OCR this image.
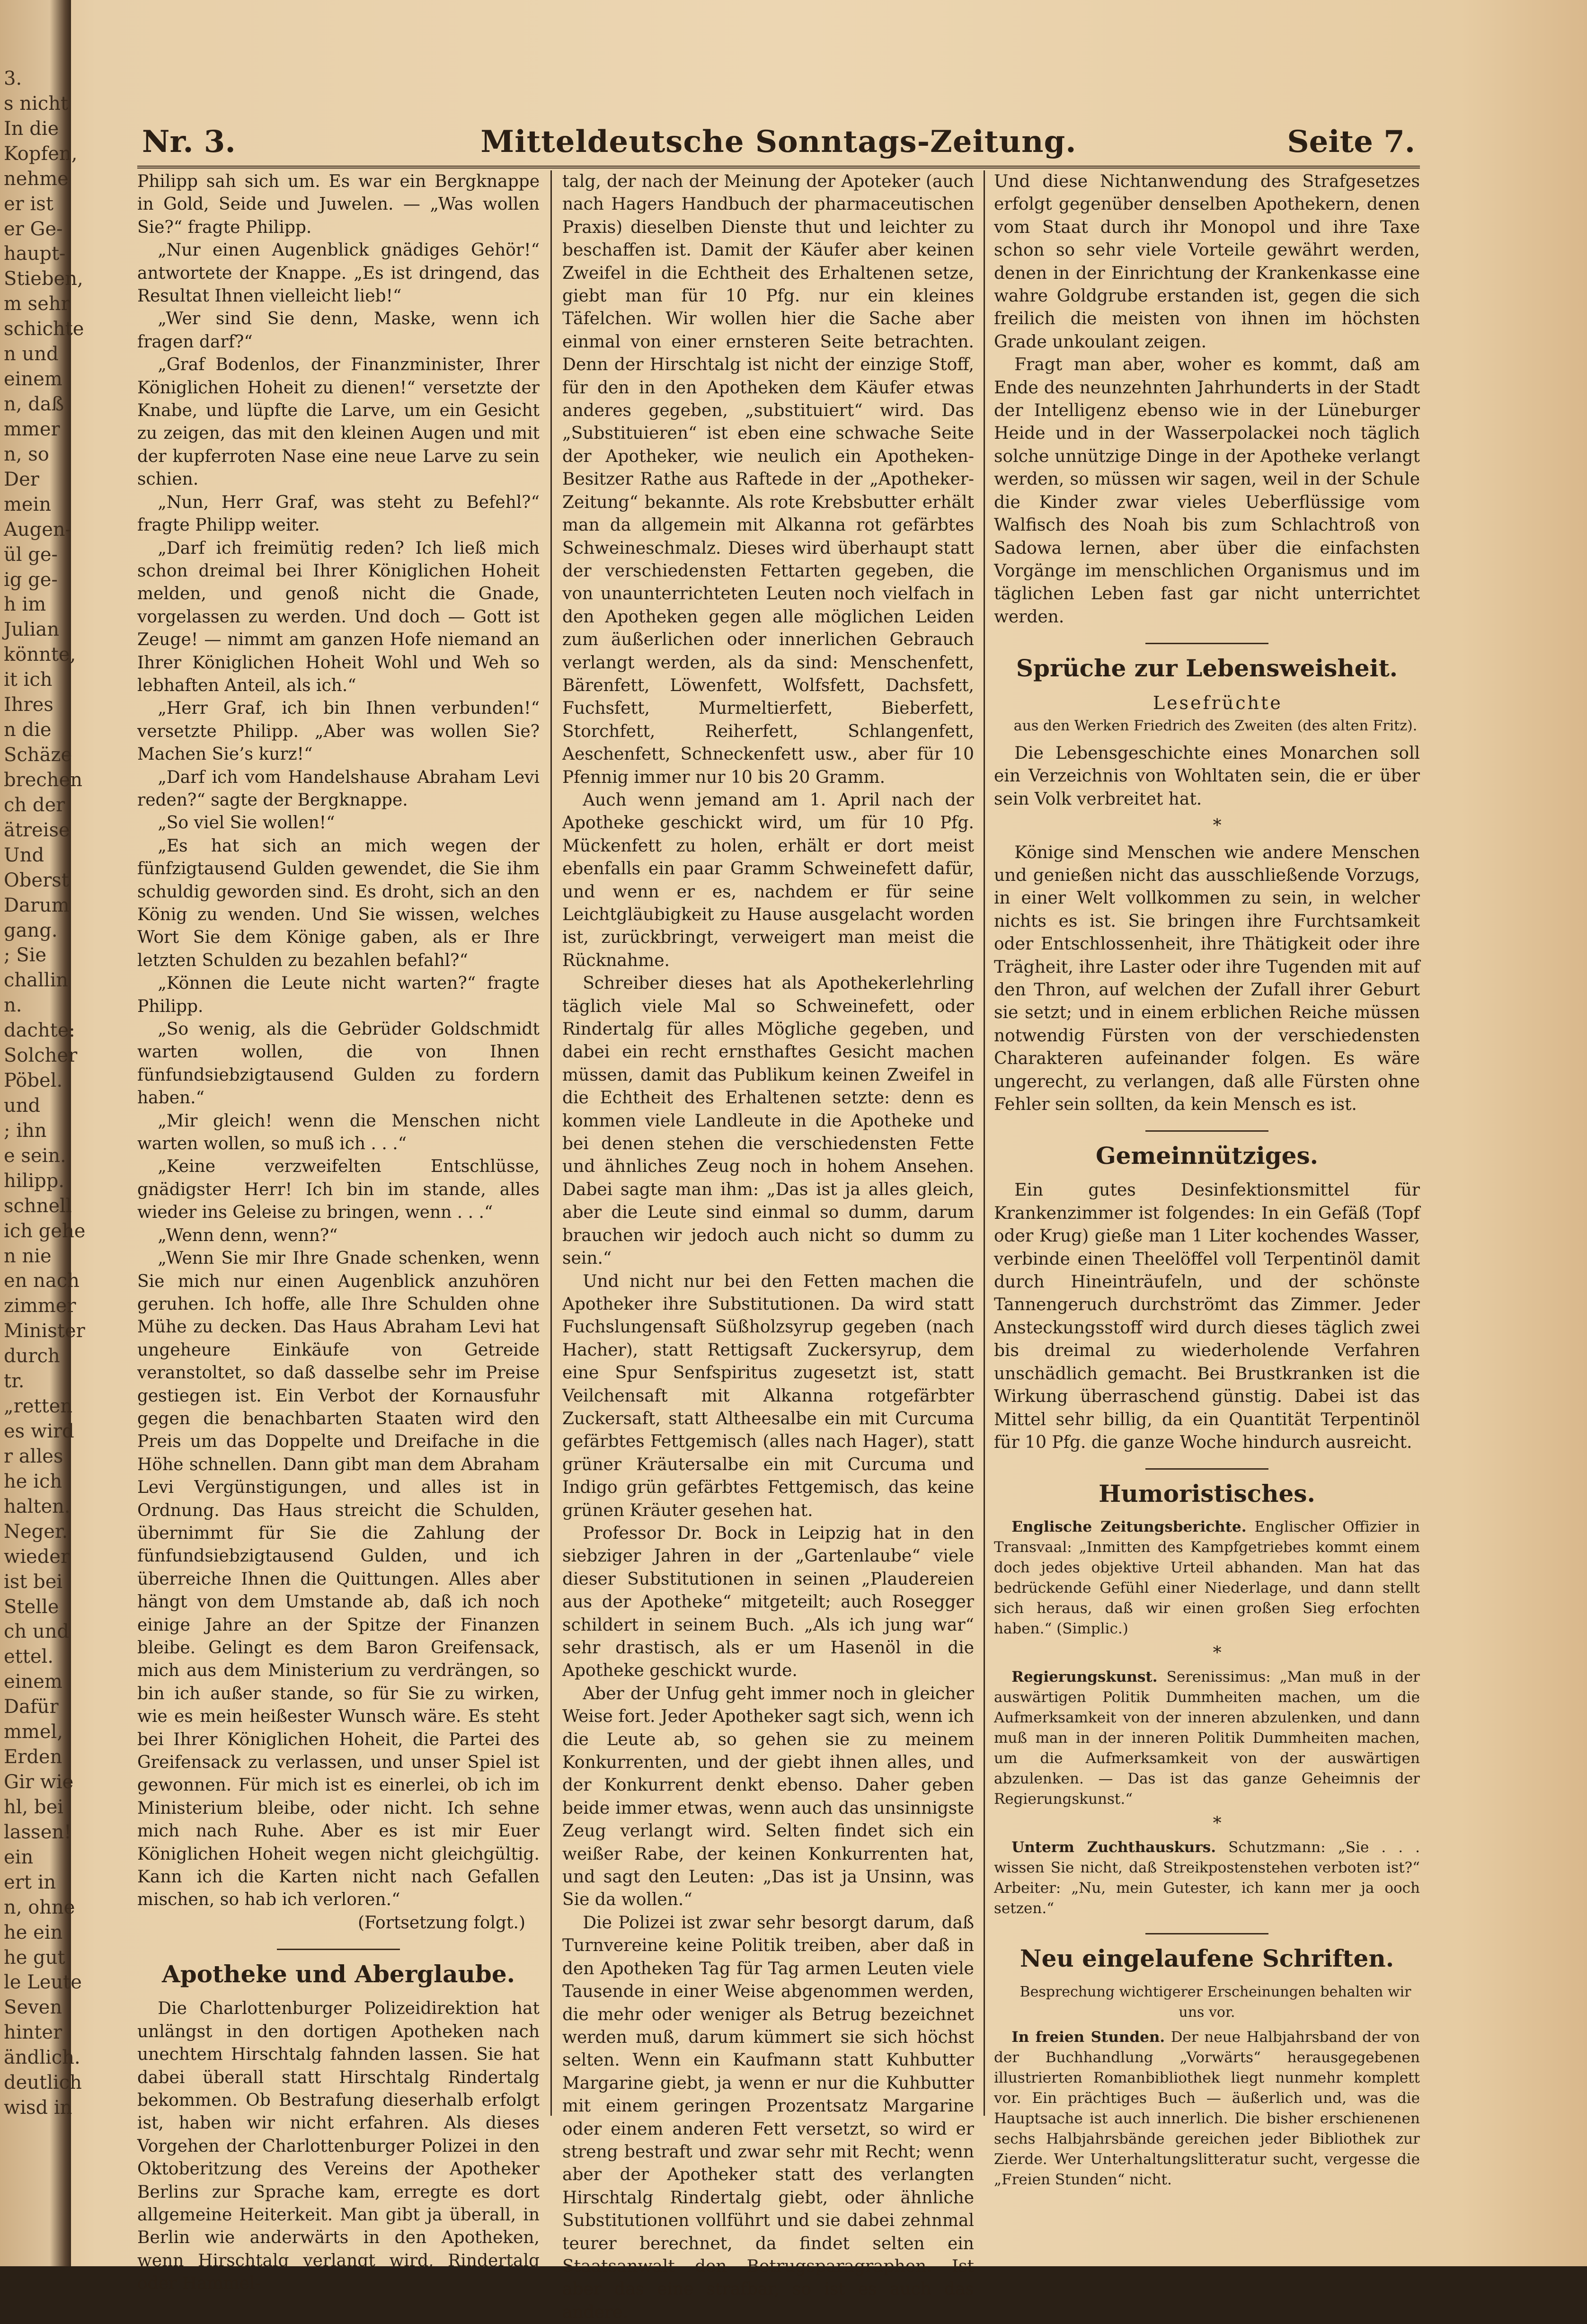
3.
s nicht
In die
Kopfen,
nehme
er ist
er Ge-
haupt-
Stieben,
m sehr
schichte
n und
einem
n, daß
mmer
n, so
Der
mein
Augen-
ül ge-
ig ge-
h im
Julian
könnte,
it ich
Ihres
n die
Schäze
brechen
ch der
ätreise
Und
Oberst
Darum
gang.
; Sie
challin
n.
dachte:
Solcher
Pöbel.
und
; ihn
e sein.
hilipp.
schnell
ich gehe
n nie
en nach
zimmer
Minister
durch
tr.
„retten
es wird
r alles
he ich
halten.
Neger.
wieder
ist bei
Stelle
ch und
ettel.
einem
Dafür
mmel,
Erden
Gir wie
hl, bei
lassen!
ein
ert in
n, ohne
he ein
he gut
le Leute
Seven
hinter
ändlich.
deutlich
wisd in
Mitteldeutsche Sonntags-Zeitung.
Nr. 3.	Seite 7.

Philipp sah sich um. Es war ein Bergknappe in Gold, Seide und Juwelen. — „Was wollen Sie?“ fragte Philipp.

„Nur einen Augenblick gnädiges Gehör!“ antwortete der Knappe. „Es ist dringend, das Resultat Ihnen vielleicht lieb!“

„Wer sind Sie denn, Maske, wenn ich fragen darf?“

„Graf Bodenlos, der Finanzminister, Ihrer Königlichen Hoheit zu dienen!“ versetzte der Knabe, und lüpfte die Larve, um ein Gesicht zu zeigen, das mit den kleinen Augen und mit der kupferroten Nase eine neue Larve zu sein schien.

„Nun, Herr Graf, was steht zu Befehl?“ fragte Philipp weiter.

„Darf ich freimütig reden? Ich ließ mich schon dreimal bei Ihrer Königlichen Hoheit melden, und genoß nicht die Gnade, vorgelassen zu werden. Und doch — Gott ist Zeuge! — nimmt am ganzen Hofe niemand an Ihrer Königlichen Hoheit Wohl und Weh so lebhaften Anteil, als ich.“

„Herr Graf, ich bin Ihnen verbunden!“ versetzte Philipp. „Aber was wollen Sie? Machen Sie’s kurz!“

„Darf ich vom Handelshause Abraham Levi reden?“ sagte der Bergknappe.

„So viel Sie wollen!“

„Es hat sich an mich wegen der fünfzigtausend Gulden gewendet, die Sie ihm schuldig geworden sind. Es droht, sich an den König zu wenden. Und Sie wissen, welches Wort Sie dem Könige gaben, als er Ihre letzten Schulden zu bezahlen befahl?“

„Können die Leute nicht warten?“ fragte Philipp.

„So wenig, als die Gebrüder Goldschmidt warten wollen, die von Ihnen fünfundsiebzigtausend Gulden zu fordern haben.“

„Mir gleich! wenn die Menschen nicht warten wollen, so muß ich . . .“

„Keine verzweifelten Entschlüsse, gnädigster Herr! Ich bin im stande, alles wieder ins Geleise zu bringen, wenn . . .“

„Wenn denn, wenn?“

„Wenn Sie mir Ihre Gnade schenken, wenn Sie mich nur einen Augenblick anzuhören geruhen. Ich hoffe, alle Ihre Schulden ohne Mühe zu decken. Das Haus Abraham Levi hat ungeheure Einkäufe von Getreide veranstoltet, so daß dasselbe sehr im Preise gestiegen ist. Ein Verbot der Kornausfuhr gegen die benachbarten Staaten wird den Preis um das Doppelte und Dreifache in die Höhe schnellen. Dann gibt man dem Abraham Levi Vergünstigungen, und alles ist in Ordnung. Das Haus streicht die Schulden, übernimmt für Sie die Zahlung der fünfundsiebzigtausend Gulden, und ich überreiche Ihnen die Quittungen. Alles aber hängt von dem Umstande ab, daß ich noch einige Jahre an der Spitze der Finanzen bleibe. Gelingt es dem Baron Greifensack, mich aus dem Ministerium zu verdrängen, so bin ich außer stande, so für Sie zu wirken, wie es mein heißester Wunsch wäre. Es steht bei Ihrer Königlichen Hoheit, die Partei des Greifensack zu verlassen, und unser Spiel ist gewonnen. Für mich ist es einerlei, ob ich im Ministerium bleibe, oder nicht. Ich sehne mich nach Ruhe. Aber es ist mir Euer Königlichen Hoheit wegen nicht gleichgültig. Kann ich die Karten nicht nach Gefallen mischen, so hab ich verloren.“

(Fortsetzung folgt.)

Apotheke und Aberglaube.

Die Charlottenburger Polizeidirektion hat unlängst in den dortigen Apotheken nach unechtem Hirschtalg fahnden lassen. Sie hat dabei überall statt Hirschtalg Rindertalg bekommen. Ob Bestrafung dieserhalb erfolgt ist, haben wir nicht erfahren. Als dieses Vorgehen der Charlottenburger Polizei in den Oktoberitzung des Vereins der Apotheker Berlins zur Sprache kam, erregte es dort allgemeine Heiterkeit. Man gibt ja überall, in Berlin wie anderwärts in den Apotheken, wenn Hirschtalg verlangt wird, Rindertalg oder Hammel-

talg, der nach der Meinung der Apoteker (auch nach Hagers Handbuch der pharmaceutischen Praxis) dieselben Dienste thut und leichter zu beschaffen ist. Damit der Käufer aber keinen Zweifel in die Echtheit des Erhaltenen setze, giebt man für 10 Pfg. nur ein kleines Täfelchen. Wir wollen hier die Sache aber einmal von einer ernsteren Seite betrachten. Denn der Hirschtalg ist nicht der einzige Stoff, für den in den Apotheken dem Käufer etwas anderes gegeben, „substituiert“ wird. Das „Substituieren“ ist eben eine schwache Seite der Apotheker, wie neulich ein Apotheken-Besitzer Rathe aus Raftede in der „Apotheker-Zeitung“ bekannte. Als rote Krebsbutter erhält man da allgemein mit Alkanna rot gefärbtes Schweineschmalz. Dieses wird überhaupt statt der verschiedensten Fettarten gegeben, die von unaunterrichteten Leuten noch vielfach in den Apotheken gegen alle möglichen Leiden zum äußerlichen oder innerlichen Gebrauch verlangt werden, als da sind: Menschenfett, Bärenfett, Löwenfett, Wolfsfett, Dachsfett, Fuchsfett, Murmeltierfett, Bieberfett, Storchfett, Reiherfett, Schlangenfett, Aeschenfett, Schneckenfett usw., aber für 10 Pfennig immer nur 10 bis 20 Gramm.

Auch wenn jemand am 1. April nach der Apotheke geschickt wird, um für 10 Pfg. Mückenfett zu holen, erhält er dort meist ebenfalls ein paar Gramm Schweinefett dafür, und wenn er es, nachdem er für seine Leichtgläubigkeit zu Hause ausgelacht worden ist, zurückbringt, verweigert man meist die Rücknahme.

Schreiber dieses hat als Apothekerlehrling täglich viele Mal so Schweinefett, oder Rindertalg für alles Mögliche gegeben, und dabei ein recht ernsthaftes Gesicht machen müssen, damit das Publikum keinen Zweifel in die Echtheit des Erhaltenen setzte: denn es kommen viele Landleute in die Apotheke und bei denen stehen die verschiedensten Fette und ähnliches Zeug noch in hohem Ansehen. Dabei sagte man ihm: „Das ist ja alles gleich, aber die Leute sind einmal so dumm, darum brauchen wir jedoch auch nicht so dumm zu sein.“

Und nicht nur bei den Fetten machen die Apotheker ihre Substitutionen. Da wird statt Fuchslungensaft Süßholzsyrup gegeben (nach Hacher), statt Rettigsaft Zuckersyrup, dem eine Spur Senfspiritus zugesetzt ist, statt Veilchensaft mit Alkanna rotgefärbter Zuckersaft, statt Altheesalbe ein mit Curcuma gefärbtes Fettgemisch (alles nach Hager), statt grüner Kräutersalbe ein mit Curcuma und Indigo grün gefärbtes Fettgemisch, das keine grünen Kräuter gesehen hat.

Professor Dr. Bock in Leipzig hat in den siebziger Jahren in der „Gartenlaube“ viele dieser Substitutionen in seinen „Plaudereien aus der Apotheke“ mitgeteilt; auch Rosegger schildert in seinem Buch. „Als ich jung war“ sehr drastisch, als er um Hasenöl in die Apotheke geschickt wurde.

Aber der Unfug geht immer noch in gleicher Weise fort. Jeder Apotheker sagt sich, wenn ich die Leute ab, so gehen sie zu meinem Konkurrenten, und der giebt ihnen alles, und der Konkurrent denkt ebenso. Daher geben beide immer etwas, wenn auch das unsinnigste Zeug verlangt wird. Selten findet sich ein weißer Rabe, der keinen Konkurrenten hat, und sagt den Leuten: „Das ist ja Unsinn, was Sie da wollen.“

Die Polizei ist zwar sehr besorgt darum, daß Turnvereine keine Politik treiben, aber daß in den Apotheken Tag für Tag armen Leuten viele Tausende in einer Weise abgenommen werden, die mehr oder weniger als Betrug bezeichnet werden muß, darum kümmert sie sich höchst selten. Wenn ein Kaufmann statt Kuhbutter Margarine giebt, ja wenn er nur die Kuhbutter mit einem geringen Prozentsatz Margarine oder einem anderen Fett versetzt, so wird er streng bestraft und zwar sehr mit Recht; wenn aber der Apotheker statt des verlangten Hirschtalg Rindertalg giebt, oder ähnliche Substitutionen vollführt und sie dabei zehnmal teurer berechnet, da findet selten ein Staatsanwalt den Betrugsparagraphen. Ist aber das eine strafbar, so ist es auch das andere.

Und diese Nichtanwendung des Strafgesetzes erfolgt gegenüber denselben Apothekern, denen vom Staat durch ihr Monopol und ihre Taxe schon so sehr viele Vorteile gewährt werden, denen in der Einrichtung der Krankenkasse eine wahre Goldgrube erstanden ist, gegen die sich freilich die meisten von ihnen im höchsten Grade unkoulant zeigen.

Fragt man aber, woher es kommt, daß am Ende des neunzehnten Jahrhunderts in der Stadt der Intelligenz ebenso wie in der Lüneburger Heide und in der Wasserpolackei noch täglich solche unnützige Dinge in der Apotheke verlangt werden, so müssen wir sagen, weil in der Schule die Kinder zwar vieles Ueberflüssige vom Walfisch des Noah bis zum Schlachtroß von Sadowa lernen, aber über die einfachsten Vorgänge im menschlichen Organismus und im täglichen Leben fast gar nicht unterrichtet werden.

Sprüche zur Lebensweisheit.

Lesefrüchte

aus den Werken Friedrich des Zweiten (des alten Fritz).

Die Lebensgeschichte eines Monarchen soll ein Verzeichnis von Wohltaten sein, die er über sein Volk verbreitet hat.

*

Könige sind Menschen wie andere Menschen und genießen nicht das ausschließende Vorzugs, in einer Welt vollkommen zu sein, in welcher nichts es ist. Sie bringen ihre Furchtsamkeit oder Entschlossenheit, ihre Thätigkeit oder ihre Trägheit, ihre Laster oder ihre Tugenden mit auf den Thron, auf welchen der Zufall ihrer Geburt sie setzt; und in einem erblichen Reiche müssen notwendig Fürsten von der verschiedensten Charakteren aufeinander folgen. Es wäre ungerecht, zu verlangen, daß alle Fürsten ohne Fehler sein sollten, da kein Mensch es ist.

Gemeinnütziges.

Ein gutes Desinfektionsmittel für Krankenzimmer ist folgendes: In ein Gefäß (Topf oder Krug) gieße man 1 Liter kochendes Wasser, verbinde einen Theelöffel voll Terpentinöl damit durch Hineinträufeln, und der schönste Tannengeruch durchströmt das Zimmer. Jeder Ansteckungsstoff wird durch dieses täglich zwei bis dreimal zu wiederholende Verfahren unschädlich gemacht. Bei Brustkranken ist die Wirkung überraschend günstig. Dabei ist das Mittel sehr billig, da ein Quantität Terpentinöl für 10 Pfg. die ganze Woche hindurch ausreicht.

Humoristisches.

Englische Zeitungsberichte. Englischer Offizier in Transvaal: „Inmitten des Kampfgetriebes kommt einem doch jedes objektive Urteil abhanden. Man hat das bedrückende Gefühl einer Niederlage, und dann stellt sich heraus, daß wir einen großen Sieg erfochten haben.“ (Simplic.)

*

Regierungskunst. Serenissimus: „Man muß in der auswärtigen Politik Dummheiten machen, um die Aufmerksamkeit von der inneren abzulenken, und dann muß man in der inneren Politik Dummheiten machen, um die Aufmerksamkeit von der auswärtigen abzulenken. — Das ist das ganze Geheimnis der Regierungskunst.“

*

Unterm Zuchthauskurs. Schutzmann: „Sie . . . wissen Sie nicht, daß Streikpostenstehen verboten ist?“ Arbeiter: „Nu, mein Gutester, ich kann mer ja ooch setzen.“

Neu eingelaufene Schriften.

Besprechung wichtigerer Erscheinungen behalten wir uns vor.

In freien Stunden. Der neue Halbjahrsband der von der Buchhandlung „Vorwärts“ herausgegebenen illustrierten Romanbibliothek liegt nunmehr komplett vor. Ein prächtiges Buch — äußerlich und, was die Hauptsache ist auch innerlich. Die bisher erschienenen sechs Halbjahrsbände gereichen jeder Bibliothek zur Zierde. Wer Unterhaltungslitteratur sucht, vergesse die „Freien Stunden“ nicht.
